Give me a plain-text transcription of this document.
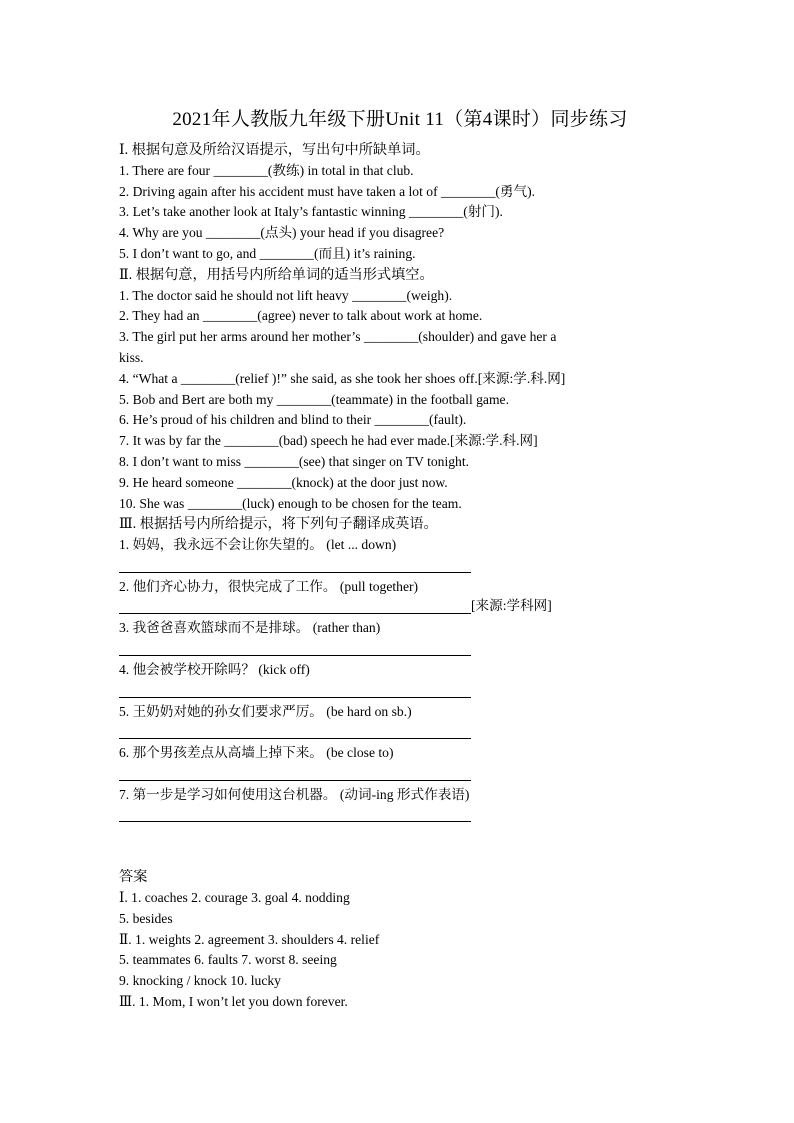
2021年人教版九年级下册Unit 11（第4课时）同步练习
Ⅰ. 根据句意及所给汉语提示，写出句中所缺单词。
1. There are four ________(教练) in total in that club.
2. Driving again after his accident must have taken a lot of ________(勇气).
3. Let’s take another look at Italy’s fantastic winning ________(射门).
4. Why are you ________(点头) your head if you disagree?
5. I don’t want to go, and ________(而且) it’s raining.
Ⅱ. 根据句意，用括号内所给单词的适当形式填空。
1. The doctor said he should not lift heavy ________(weigh).
2. They had an ________(agree) never to talk about work at home.
3. The girl put her arms around her mother’s ________(shoulder) and gave her a
kiss.
4. “What a ________(relief )!” she said, as she took her shoes off.[来源:学.科.网]
5. Bob and Bert are both my ________(teammate) in the football game.
6. He’s proud of his children and blind to their ________(fault).
7. It was by far the ________(bad) speech he had ever made.[来源:学.科.网]
8. I don’t want to miss ________(see) that singer on TV tonight.
9. He heard someone ________(knock) at the door just now.
10. She was ________(luck) enough to be chosen for the team.
Ⅲ. 根据括号内所给提示，将下列句子翻译成英语。
1. 妈妈，我永远不会让你失望的。 (let ... down)
2. 他们齐心协力，很快完成了工作。 (pull together)
3. 我爸爸喜欢篮球而不是排球。 (rather than)
4. 他会被学校开除吗？ (kick off)
5. 王奶奶对她的孙女们要求严厉。 (be hard on sb.)
6. 那个男孩差点从高墙上掉下来。 (be close to)
7. 第一步是学习如何使用这台机器。 (动词-ing 形式作表语)
答案
Ⅰ. 1. coaches 2. courage 3. goal 4. nodding
5. besides
Ⅱ. 1. weights 2. agreement 3. shoulders 4. relief
5. teammates 6. faults 7. worst 8. seeing
9. knocking / knock 10. lucky
Ⅲ. 1. Mom, I won’t let you down forever.
[来源:学科网]
